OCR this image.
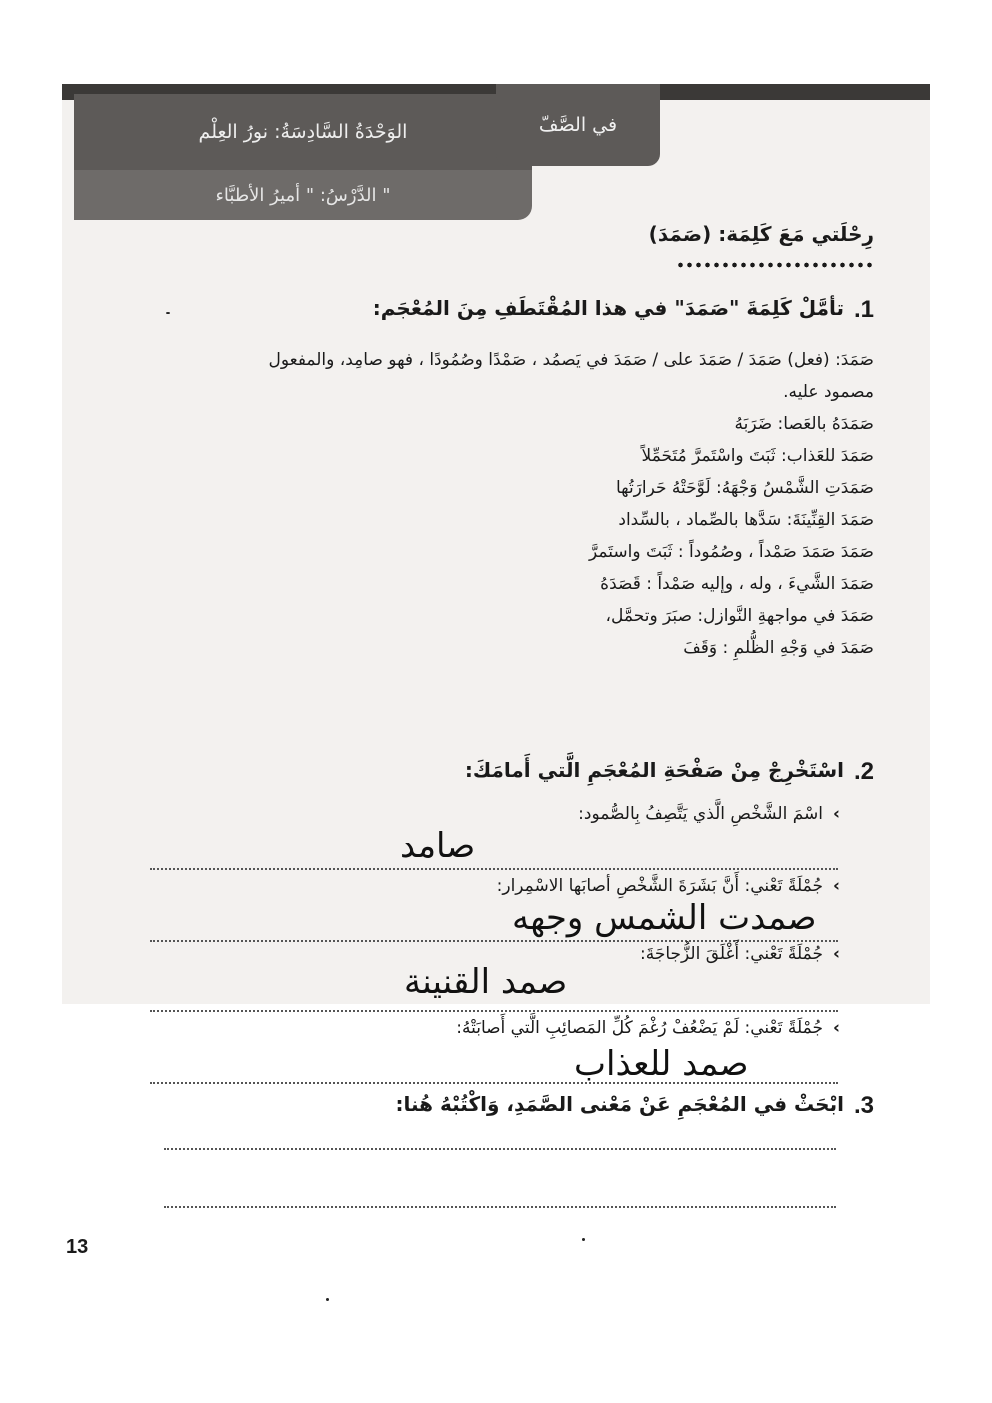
الوَحْدَةُ السَّادِسَةُ: نورُ العِلْم
الدَّرْسُ: " أميرُ الأطبَّاء "
في الصَّفّ
رِحْلَتي مَعَ كَلِمَة: (صَمَدَ)
1.
تأمَّلْ كَلِمَةَ "صَمَدَ" في هذا المُقْتَطَفِ مِنَ المُعْجَم:
صَمَدَ: (فعل) صَمَدَ / صَمَدَ على / صَمَدَ في يَصمُد ، صَمْدًا وصُمُودًا ، فهو صامِد، والمفعول
مصمود عليه.
صَمَدَهُ بالعَصا: ضَرَبَهُ
صَمَدَ للعَذاب: ثَبَتَ واسْتَمرَّ مُتَحَمِّلاً
صَمَدَتِ الشَّمْسُ وَجْهَهُ: لَوَّحَتْهُ حَرارَتُها
صَمَدَ القِنِّينَةَ: سَدَّها بالصِّماد ، بالسِّداد
صَمَدَ صَمَدَ صَمْداً ، وصُمُوداً : ثَبَتَ واستَمرَّ
صَمَدَ الشَّيءَ ، وله ، وإليه صَمْداً : قَصَدَهُ
صَمَدَ في مواجهةِ النَّوازل: صبَرَ وتحمَّل،
صَمَدَ في وَجْهِ الظُّلمِ : وَقَفَ
2.
اسْتَخْرِجْ مِنْ صَفْحَةِ المُعْجَمِ الَّتي أَمامَكَ:
›
اسْمَ الشَّخْصِ الَّذي يَتَّصِفُ بِالصُّمود:
صامد
›
جُمْلَةً تَعْني: أَنَّ بَشَرَةَ الشَّخْصِ أصابَها الاسْمِرار:
صمدت الشمس وجهه
›
جُمْلَةً تَعْني: أَغْلَقَ الزُّجاجَةَ:
صمد القنينة
›
جُمْلَةً تَعْني: لَمْ يَضْعُفْ رُغْمَ كُلِّ المَصائِبِ الَّتي أَصابَتْهُ:
صمد للعذاب
3.
ابْحَثْ في المُعْجَمِ عَنْ مَعْنى الصَّمَدِ، وَاكْتُبْهُ هُنا:
13
